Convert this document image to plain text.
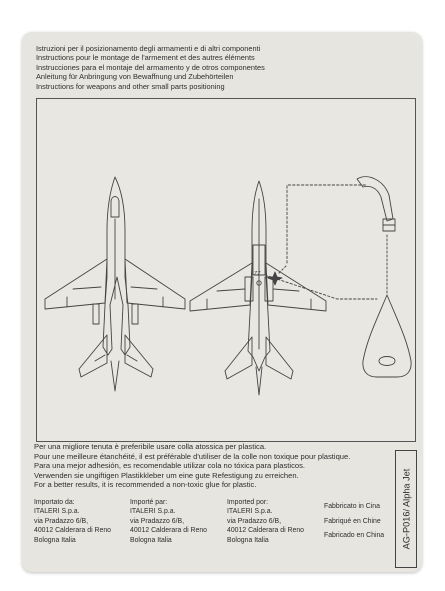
Istruzioni per il posizionamento degli armamenti e di altri componenti
Instructions pour le montage de l'armement et des autres éléments
Instrucciones para el montaje del armamento y de otros componentes
Anleitung für Anbringung von Bewaffnung und Zubehörteilen
Instructions for weapons and other small parts positioning
ZZ
Per una migliore tenuta è preferibile usare colla atossica per plastica.
Pour une meilleure étanchéité, il est préférable d'utiliser de la colle non toxique pour plastique.
Para una mejor adhesión, es recomendable utilizar cola no tóxica para plasticos.
Verwenden sie ungiftigen Plastikkleber um eine gute Refestigung zu erreichen.
For a better results, it is recommended a non-toxic glue for plastic.
Importato da:
ITALERI S.p.a.
via Pradazzo 6/B,
40012 Calderara di Reno
Bologna Italia
Importé par:
ITALERI S.p.a.
via Pradazzo 6/B,
40012 Calderara di Reno
Bologna Italia
Imported por:
ITALERI S.p.a.
via Pradazzo 6/B,
40012 Calderara di Reno
Bologna Italia
Fabbricato in Cina
Fabriqué en Chine
Fabricado en China AG-P016/ Alpha Jet
